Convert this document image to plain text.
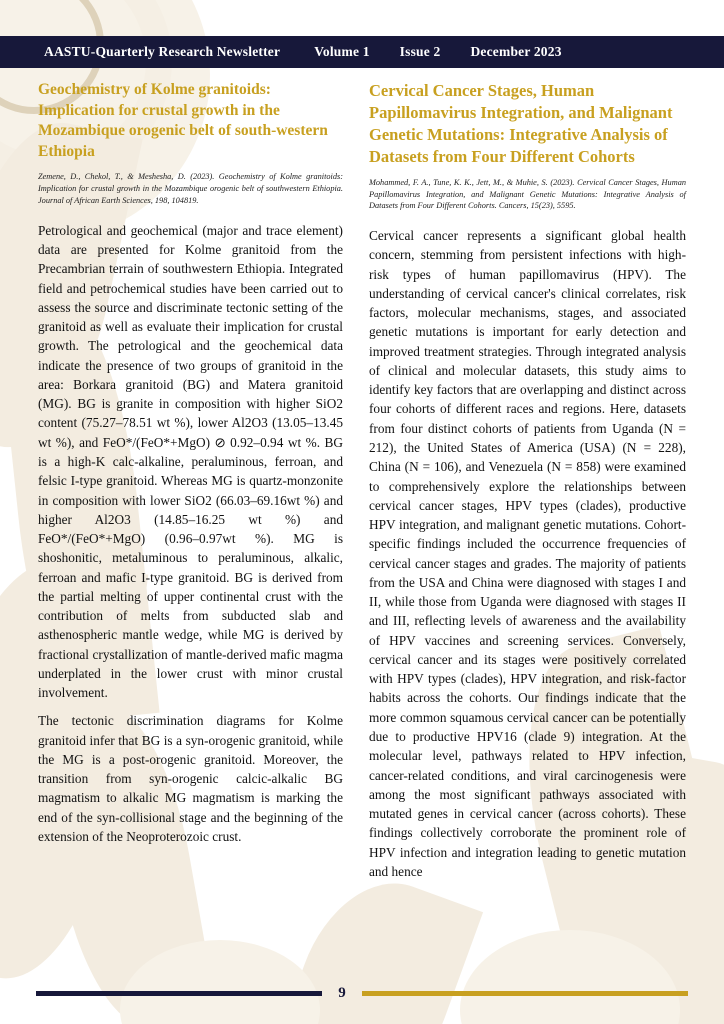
AASTU-Quarterly Research Newsletter	Volume 1 Issue 2 December 2023
Geochemistry of Kolme granitoids: Implication for crustal growth in the Mozambique orogenic belt of south-western Ethiopia

Zemene, D., Chekol, T., & Meshesha, D. (2023). Geochemistry of Kolme granitoids: Implication for crustal growth in the Mozambique orogenic belt of southwestern Ethiopia. Journal of African Earth Sciences, 198, 104819.

Petrological and geochemical (major and trace element) data are presented for Kolme granitoid from the Precambrian terrain of southwestern Ethiopia. Integrated field and petrochemical studies have been carried out to assess the source and discriminate tectonic setting of the granitoid as well as evaluate their implication for crustal growth. The petrological and the geochemical data indicate the presence of two groups of granitoid in the area: Borkara granitoid (BG) and Matera granitoid (MG). BG is granite in composition with higher SiO2 content (75.27–78.51 wt %), lower Al2O3 (13.05–13.45 wt %), and FeO*/(FeO*+MgO) ⊘ 0.92–0.94 wt %. BG is a high-K calc-alkaline, peraluminous, ferroan, and felsic I-type granitoid. Whereas MG is quartz-monzonite in composition with lower SiO2 (66.03–69.16wt %) and higher Al2O3 (14.85–16.25 wt %) and FeO*/(FeO*+MgO) (0.96–0.97wt %). MG is shoshonitic, metaluminous to peraluminous, alkalic, ferroan and mafic I-type granitoid. BG is derived from the partial melting of upper continental crust with the contribution of melts from subducted slab and asthenospheric mantle wedge, while MG is derived by fractional crystallization of mantle-derived mafic magma underplated in the lower crust with minor crustal involvement.

The tectonic discrimination diagrams for Kolme granitoid infer that BG is a syn-orogenic granitoid, while the MG is a post-orogenic granitoid. Moreover, the transition from syn-orogenic calcic-alkalic BG magmatism to alkalic MG magmatism is marking the end of the syn-collisional stage and the beginning of the extension of the Neoproterozoic crust.

Cervical Cancer Stages, Human Papillomavirus Integration, and Malignant Genetic Mutations: Integrative Analysis of Datasets from Four Different Cohorts

Mohammed, F. A., Tune, K. K., Jett, M., & Muhie, S. (2023). Cervical Cancer Stages, Human Papillomavirus Integration, and Malignant Genetic Mutations: Integrative Analysis of Datasets from Four Different Cohorts. Cancers, 15(23), 5595.

Cervical cancer represents a significant global health concern, stemming from persistent infections with high-risk types of human papillomavirus (HPV). The understanding of cervical cancer's clinical correlates, risk factors, molecular mechanisms, stages, and associated genetic mutations is important for early detection and improved treatment strategies. Through integrated analysis of clinical and molecular datasets, this study aims to identify key factors that are overlapping and distinct across four cohorts of different races and regions. Here, datasets from four distinct cohorts of patients from Uganda (N = 212), the United States of America (USA) (N = 228), China (N = 106), and Venezuela (N = 858) were examined to comprehensively explore the relationships between cervical cancer stages, HPV types (clades), productive HPV integration, and malignant genetic mutations. Cohort-specific findings included the occurrence frequencies of cervical cancer stages and grades. The majority of patients from the USA and China were diagnosed with stages I and II, while those from Uganda were diagnosed with stages II and III, reflecting levels of awareness and the availability of HPV vaccines and screening services. Conversely, cervical cancer and its stages were positively correlated with HPV types (clades), HPV integration, and risk-factor habits across the cohorts. Our findings indicate that the more common squamous cervical cancer can be potentially due to productive HPV16 (clade 9) integration. At the molecular level, pathways related to HPV infection, cancer-related conditions, and viral carcinogenesis were among the most significant pathways associated with mutated genes in cervical cancer (across cohorts). These findings collectively corroborate the prominent role of HPV infection and integration leading to genetic mutation and hence

9
